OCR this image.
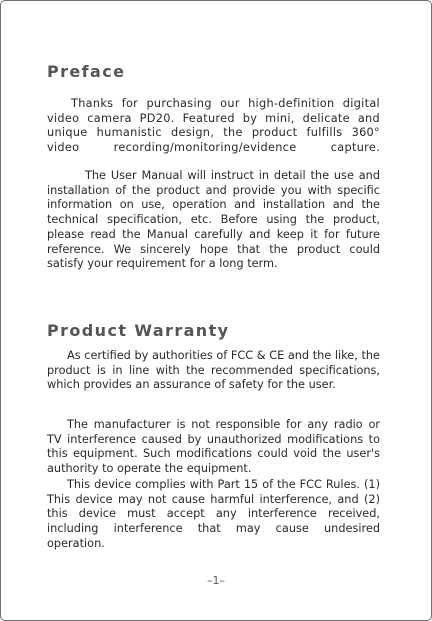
Preface

Thanks for purchasing our high-definition digital video camera PD20. Featured by mini, delicate and unique humanistic design, the product fulfills 360° video recording/monitoring/evidence capture.

The User Manual will instruct in detail the use and installation of the product and provide you with specific information on use, operation and installation and the technical specification, etc. Before using the product, please read the Manual carefully and keep it for future reference. We sincerely hope that the product could satisfy your requirement for a long term.

Product Warranty

As certified by authorities of FCC & CE and the like, the product is in line with the recommended specifications, which provides an assurance of safety for the user.

The manufacturer is not responsible for any radio or TV interference caused by unauthorized modifications to this equipment. Such modifications could void the user's authority to operate the equipment.

This device complies with Part 15 of the FCC Rules. (1) This device may not cause harmful interference, and (2) this device must accept any interference received, including interference that may cause undesired operation.

–1–
